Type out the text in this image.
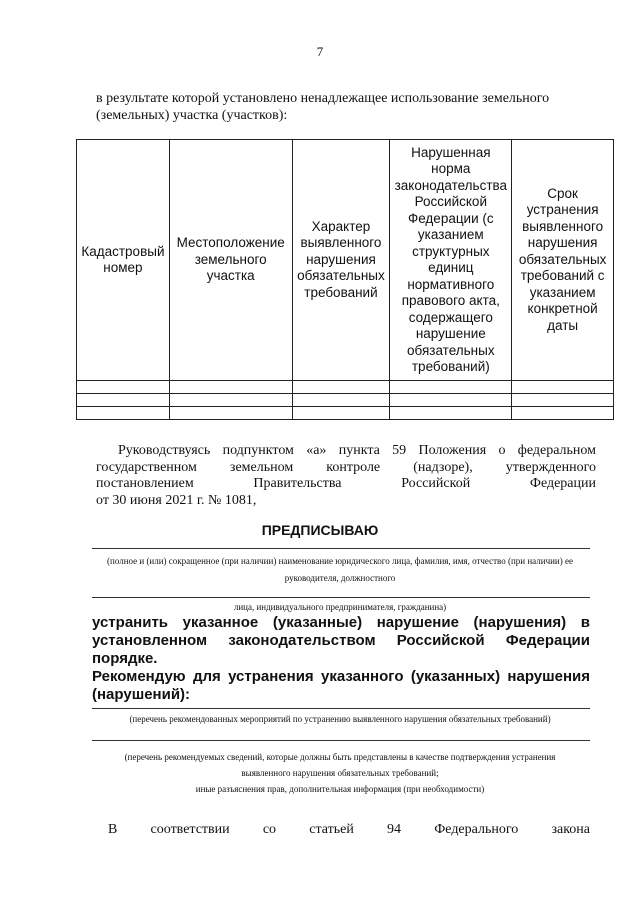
7
в результате которой установлено ненадлежащее использование земельного (земельных) участка (участков):
Кадастровый номер	Местоположение земельного участка	Характер выявленного нарушения обязательных требований	Нарушенная норма законодательства Российской Федерации (с указанием структурных единиц нормативного правового акта, содержащего нарушение обязательных требований)	Срок устранения выявленного нарушения обязательных требований с указанием конкретной даты

Руководствуясь подпунктом «а» пункта 59 Положения о федеральном
государственном земельном контроле (надзоре), утвержденного
постановлением Правительства Российской Федерации
от 30 июня 2021 г. № 1081,
ПРЕДПИСЫВАЮ
(полное и (или) сокращенное (при наличии) наименование юридического лица, фамилия, имя, отчество (при наличии) ее
руководителя, должностного
лица, индивидуального предпринимателя, гражданина)
устранить указанное (указанные) нарушение (нарушения) в
установленном законодательством Российской Федерации порядке.
Рекомендую для устранения указанного (указанных) нарушения
(нарушений):
(перечень рекомендованных мероприятий по устранению выявленного нарушения обязательных требований)
(перечень рекомендуемых сведений, которые должны быть представлены в качестве подтверждения устранения
выявленного нарушения обязательных требований;
иные разъяснения прав, дополнительная информация (при необходимости)
В соответствии со статьей 94 Федерального закона
